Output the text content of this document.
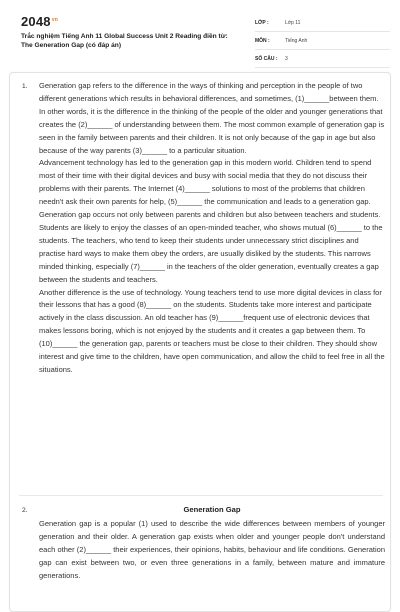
$2048^{vn}$
Trắc nghiệm Tiếng Anh 11 Global Success Unit 2 Reading điền từ: The Generation Gap (có đáp án)
LỚP :	Lớp 11
MÔN :	Tiếng Anh
SỐ CÂU :	3
1. Generation gap refers to the difference in the ways of thinking and perception in the people of two different generations which results in behavioral differences, and sometimes, (1)______between them. In other words, it is the difference in the thinking of the people of the older and younger generations that creates the (2)______ of understanding between them. The most common example of generation gap is seen in the family between parents and their children. It is not only because of the gap in age but also because of the way parents (3)______ to a particular situation.

Advancement technology has led to the generation gap in this modern world. Children tend to spend most of their time with their digital devices and busy with social media that they do not discuss their problems with their parents. The Internet (4)______ solutions to most of the problems that children needn't ask their own parents for help, (5)______ the communication and leads to a generation gap.

Generation gap occurs not only between parents and children but also between teachers and students. Students are likely to enjoy the classes of an open-minded teacher, who shows mutual (6)______ to the students. The teachers, who tend to keep their students under unnecessary strict disciplines and practise hard ways to make them obey the orders, are usually disliked by the students. This narrows minded thinking, especially (7)______ in the teachers of the older generation, eventually creates a gap between the students and teachers.

Another difference is the use of technology. Young teachers tend to use more digital devices in class for their lessons that has a good (8)______ on the students. Students take more interest and participate actively in the class discussion. An old teacher has (9)______frequent use of electronic devices that makes lessons boring, which is not enjoyed by the students and it creates a gap between them. To (10)______ the generation gap, parents or teachers must be close to their children. They should show interest and give time to the children, have open communication, and allow the child to feel free in all the situations.

2.	Generation Gap

Generation gap is a popular (1) used to describe the wide differences between members of younger generation and their older. A generation gap exists when older and younger people don't understand each other (2)______ their experiences, their opinions, habits, behaviour and life conditions. Generation gap can exist between two, or even three generations in a family, between mature and immature generations.
